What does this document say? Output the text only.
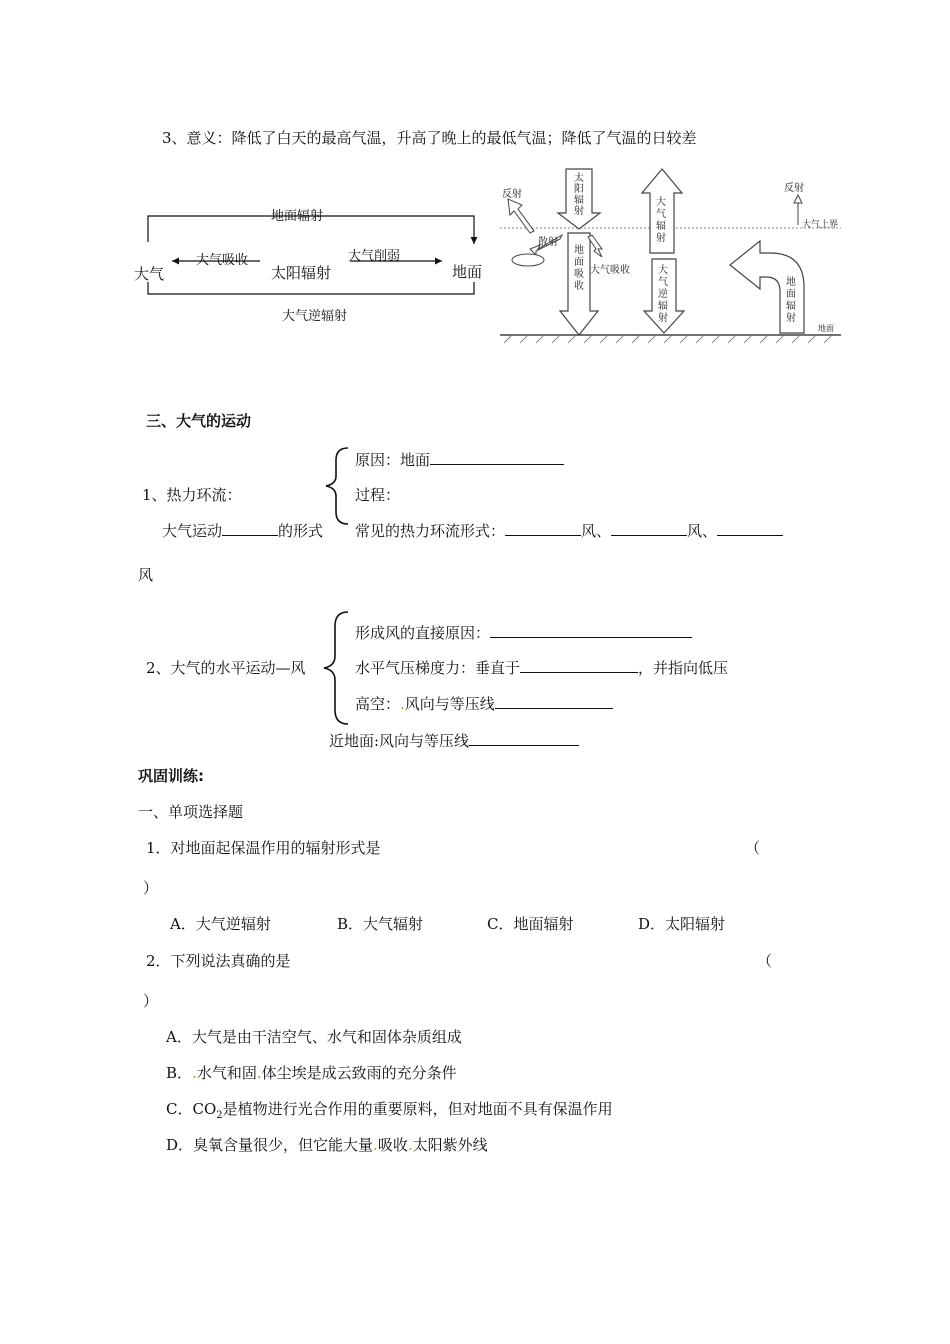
3、意义：降低了白天的最高气温，升高了晚上的最低气温；降低了气温的日较差
地面辐射
大气吸收	大气削弱
太阳辐射
大气	地面
大气逆辐射
反射
散射
大气吸收
反射
大气上界
地面
太
阳
辐
射
地
面
吸
收
大
气
辐
射
大
气
逆
辐
射
地
面
辐
射
三、大气的运动
原因：地面
1、热力环流：	过程：
大气运动	的形式 常见的热力环流形式：	风、	风、
风
形成风的直接原因：
2、大气的水平运动—风	水平气压梯度力：垂直于	，并指向低压
高空：.风向与等压线
近地面:风向与等压线
巩固训练:
一、单项选择题
1．对地面起保温作用的辐射形式是	（
）
A．大气逆辐射	B．大气辐射	C．地面辐射	D．太阳辐射
2．下列说法真确的是	（
）
A．大气是由干洁空气、水气和固体杂质组成
B．.水气和固.体尘埃是成云致雨的充分条件
C．$CO_2$是植物进行光合作用的重要原料，但对地面不具有保温作用
D．臭氧含量很少，但它能大量.吸收.太阳紫外线
